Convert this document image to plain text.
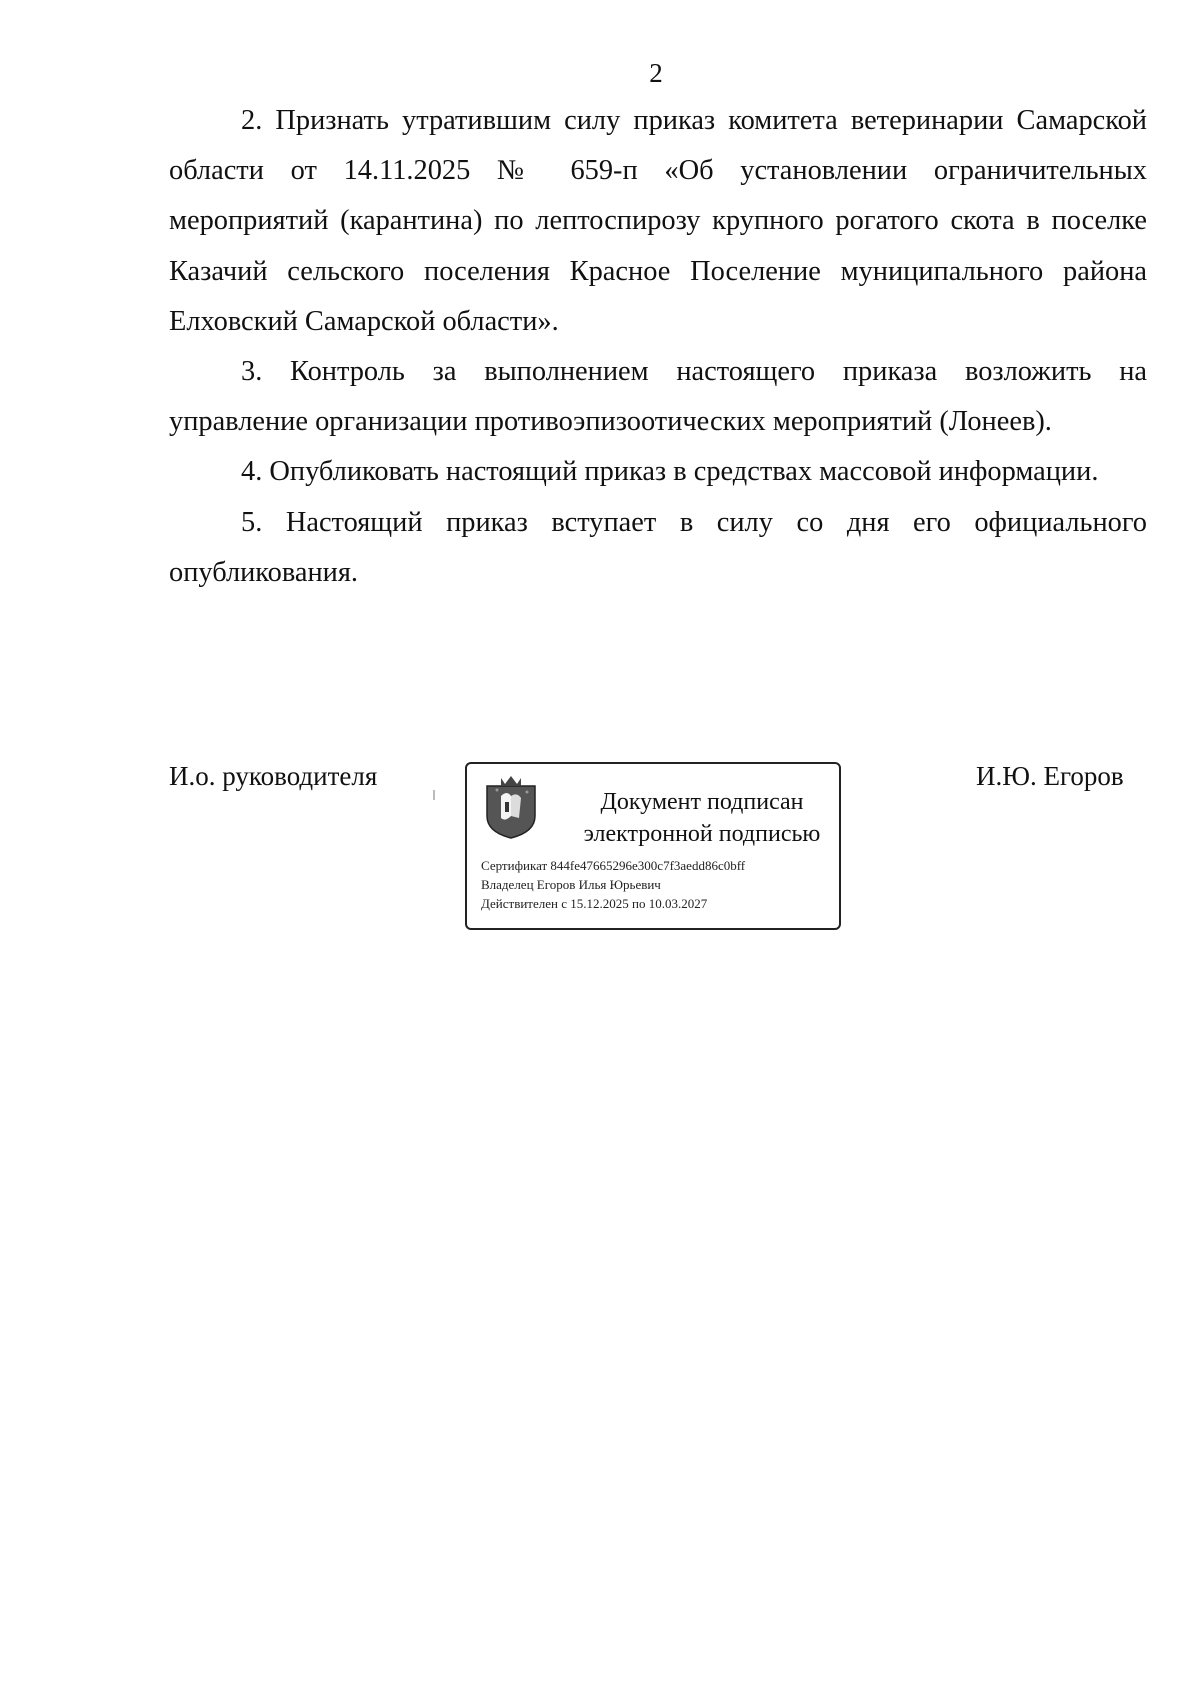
2

2. Признать утратившим силу приказ комитета ветеринарии Самарской области от 14.11.2025 № 659-п «Об установлении ограничительных мероприятий (карантина) по лептоспирозу крупного рогатого скота в поселке Казачий сельского поселения Красное Поселение муниципального района Елховский Самарской области».

3. Контроль за выполнением настоящего приказа возложить на управление организации противоэпизоотических мероприятий (Лонеев).

4. Опубликовать настоящий приказ в средствах массовой информации.

5. Настоящий приказ вступает в силу со дня его официального опубликования.

И.о. руководителя
Документ подписан
электронной подписью
Сертификат 844fe47665296e300c7f3aedd86c0bff
Владелец Егоров Илья Юрьевич
Действителен с 15.12.2025 по 10.03.2027
И.Ю. Егоров
